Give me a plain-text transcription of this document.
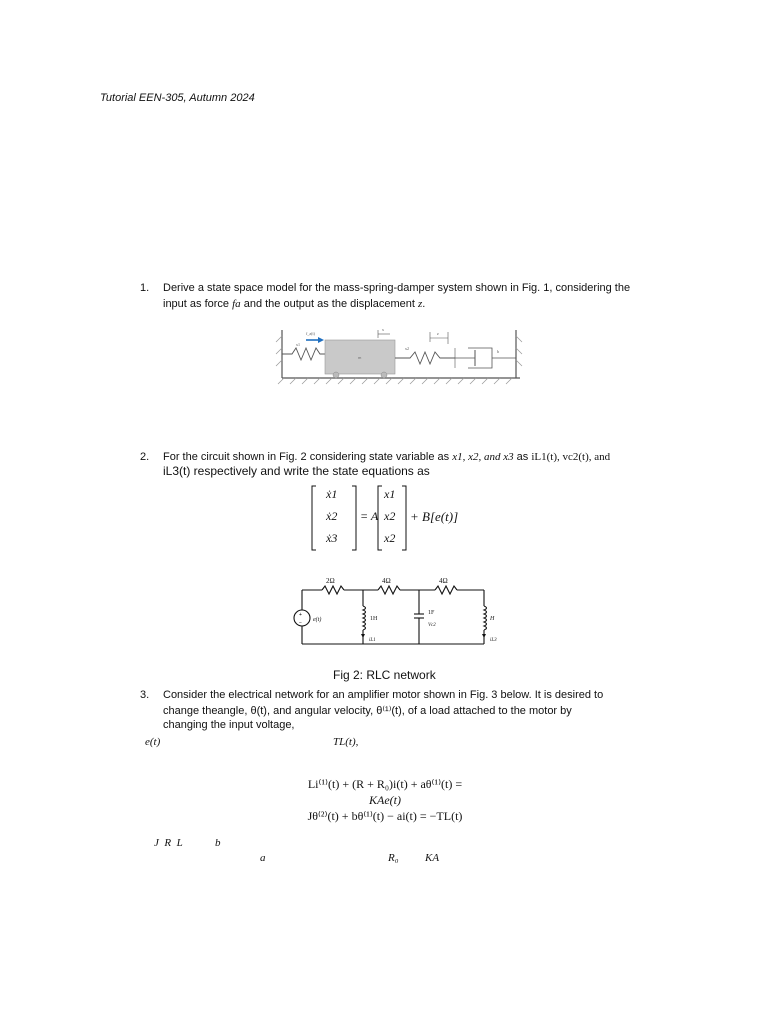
Tutorial EEN-305, Autumn 2024
1. Derive a state space model for the mass-spring-damper system shown in Fig. 1, considering the
input as force fa and the output as the displacement z.
m
f_a(t)
x1
x
x2
z
b
2. For the circuit shown in Fig. 2 considering state variable as x1, x2, and x3 as iL1(t), vc2(t), and
iL3(t) respectively and write the state equations as
ẋ1
ẋ2
ẋ3
= A
x1
x2
x2
+ B[e(t)]
+
−
2Ω	4Ω	4Ω
e(t)	1H
iL1
1F
Vc2
H
iL3
Fig 2: RLC network
3. Consider the electrical network for an amplifier motor shown in Fig. 3 below. It is desired to
change theangle, θ(t), and angular velocity, θ⁽¹⁾(t), of a load attached to the motor by
changing the input voltage,
e(t)	TL(t),
Li⁽¹⁾(t) + (R + R₀)i(t) + aθ⁽¹⁾(t) =
KAe(t)
Jθ⁽²⁾(t) + bθ⁽¹⁾(t) − ai(t) = −TL(t)
J  R  L	b
a	R₀ KA
